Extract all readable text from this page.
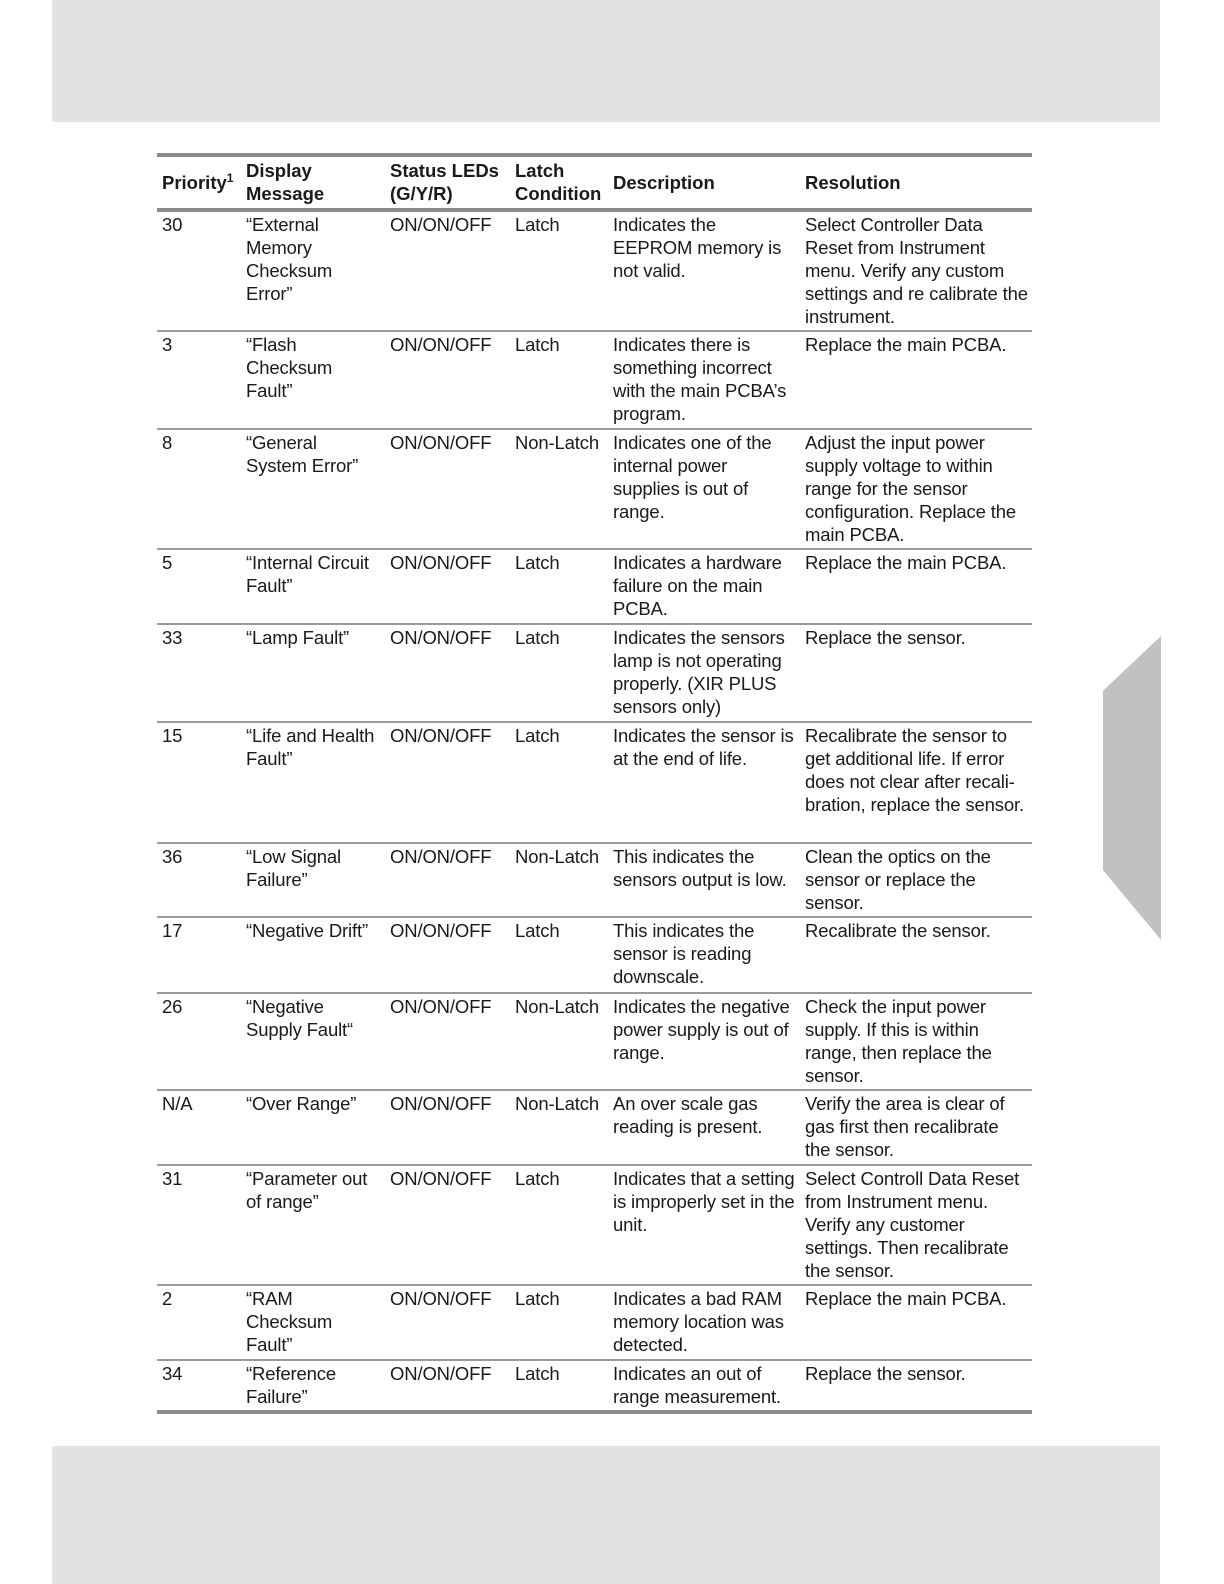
Priority$^1$	Display Message	Status LEDs (G/Y/R)	Latch Condition	Description	Resolution
30	“External Memory Checksum Error”	ON/ON/OFF	Latch	Indicates the EEPROM memory is not valid.	Select Controller Data Reset from Instrument menu. Verify any custom settings and re calibrate the instrument.
3	“Flash Checksum Fault”	ON/ON/OFF	Latch	Indicates there is something incorrect with the main PCBA’s program.	Replace the main PCBA.
8	“General System Error”	ON/ON/OFF	Non-Latch	Indicates one of the internal power supplies is out of range.	Adjust the input power supply voltage to within range for the sensor configuration. Replace the main PCBA.
5	“Internal Circuit Fault”	ON/ON/OFF	Latch	Indicates a hardware failure on the main PCBA.	Replace the main PCBA.
33	“Lamp Fault”	ON/ON/OFF	Latch	Indicates the sensors lamp is not operating properly. (XIR PLUS sensors only)	Replace the sensor.
15	“Life and Health Fault”	ON/ON/OFF	Latch	Indicates the sensor is at the end of life.	Recalibrate the sensor to get additional life. If error does not clear after recalibration, replace the sensor.
36	“Low Signal Failure”	ON/ON/OFF	Non-Latch	This indicates the sensors output is low.	Clean the optics on the sensor or replace the sensor.
17	“Negative Drift”	ON/ON/OFF	Latch	This indicates the sensor is reading downscale.	Recalibrate the sensor.
26	“Negative Supply Fault“	ON/ON/OFF	Non-Latch	Indicates the negative power supply is out of range.	Check the input power supply. If this is within range, then replace the sensor.
N/A	“Over Range”	ON/ON/OFF	Non-Latch	An over scale gas reading is present.	Verify the area is clear of gas first then recalibrate the sensor.
31	“Parameter out of range”	ON/ON/OFF	Latch	Indicates that a setting is improperly set in the unit.	Select Controll Data Reset from Instrument menu. Verify any customer settings. Then recalibrate the sensor.
2	“RAM Checksum Fault”	ON/ON/OFF	Latch	Indicates a bad RAM memory location was detected.	Replace the main PCBA.
34	“Reference Failure”	ON/ON/OFF	Latch	Indicates an out of range measurement.	Replace the sensor.
